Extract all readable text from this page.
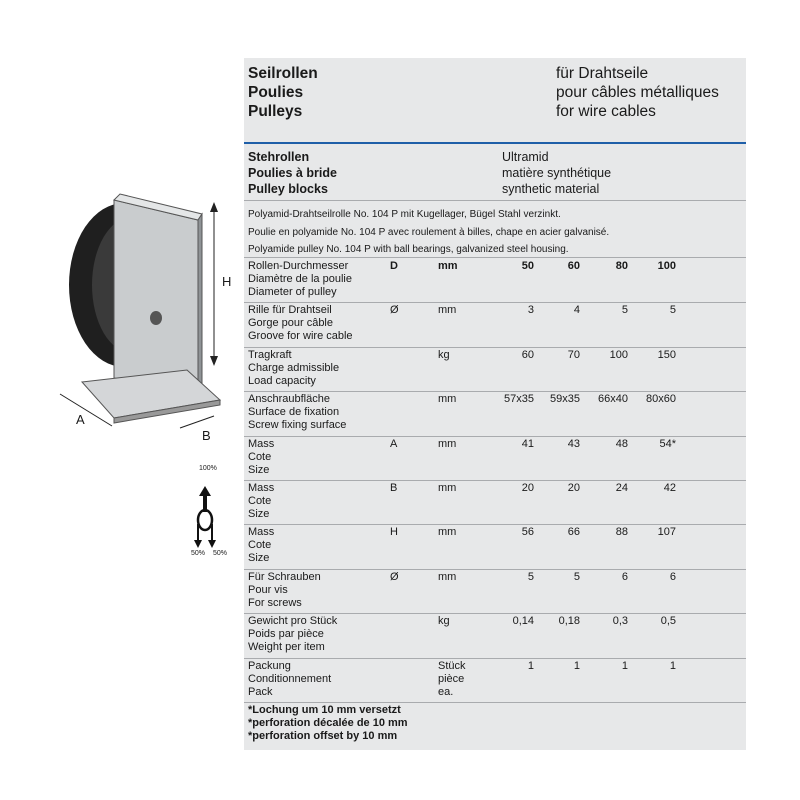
H
A
B
100%
50% 50%
Seilrollen
Poulies
Pulleys
für Drahtseile
pour câbles métalliques
for wire cables
Stehrollen
Poulies à bride
Pulley blocks
Ultramid
matière synthétique
synthetic material
Polyamid-Drahtseilrolle No. 104 P mit Kugellager, Bügel Stahl verzinkt.
Poulie en polyamide No. 104 P avec roulement à billes, chape en acier galvanisé.
Polyamide pulley No. 104 P with ball bearings, galvanized steel housing.
Rollen-Durchmesser
Diamètre de la poulie
Diameter of pulley
D	mm	50	60	80	100
Rille für Drahtseil
Gorge pour câble
Groove for wire cable
Ø	mm	3	4	5	5
Tragkraft
Charge admissible
Load capacity
kg	60	70	100	150
Anschraubfläche
Surface de fixation
Screw fixing surface
mm	57x35	59x35	66x40	80x60
Mass
Cote
Size
A	mm	41	43	48	54*
Mass
Cote
Size
B	mm	20	20	24	42
Mass
Cote
Size
H	mm	56	66	88	107
Für Schrauben
Pour vis
For screws
Ø	mm	5	5	6	6
Gewicht pro Stück
Poids par pièce
Weight per item
kg	0,14	0,18	0,3	0,5
Packung
Conditionnement
Pack
Stück
pièce
ea.
1	1	1	1
*Lochung um 10 mm versetzt
*perforation décalée de 10 mm
*perforation offset by 10 mm
